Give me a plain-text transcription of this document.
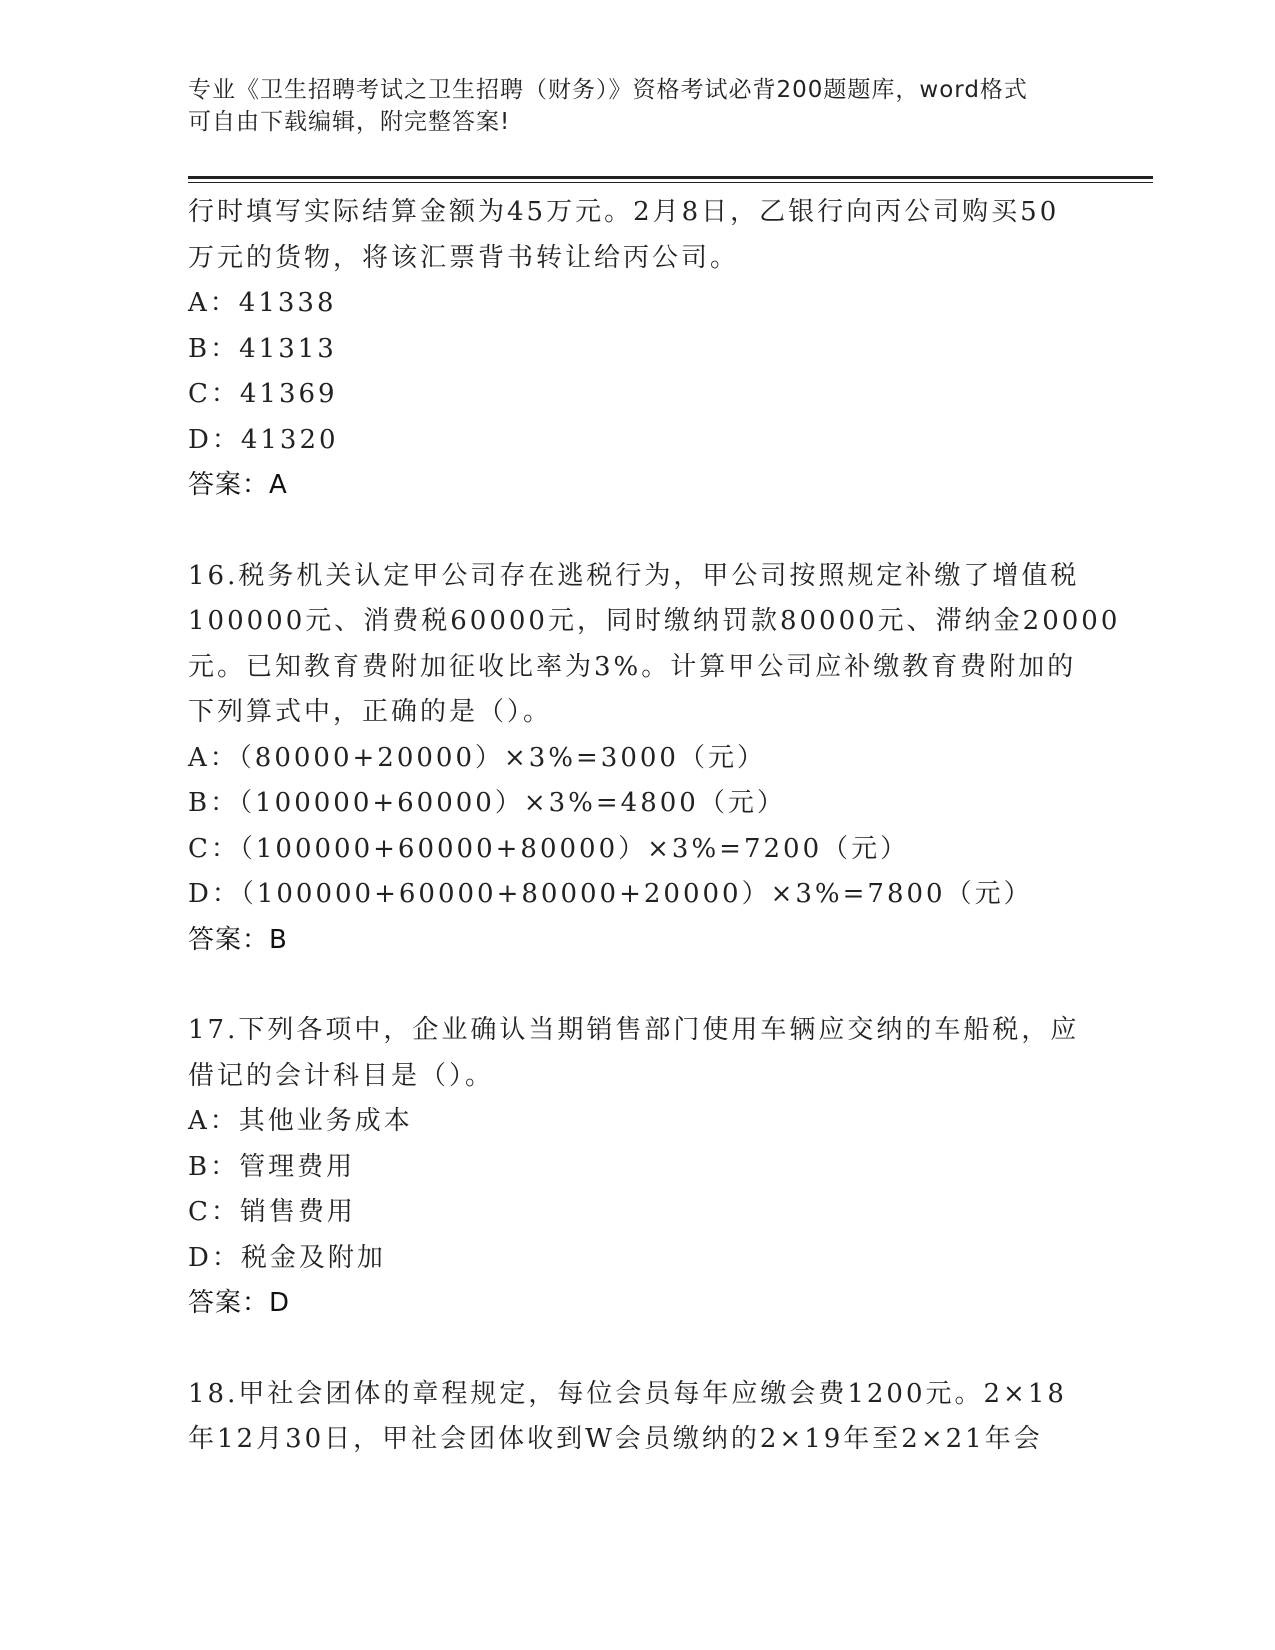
专业《卫生招聘考试之卫生招聘（财务）》资格考试必背200题题库，word格式
可自由下载编辑，附完整答案!
行时填写实际结算金额为45万元。2月8日，乙银行向丙公司购买50
万元的货物，将该汇票背书转让给丙公司。
A：41338
B：41313
C：41369
D：41320
答案：A
16.税务机关认定甲公司存在逃税行为，甲公司按照规定补缴了增值税
100000元、消费税60000元，同时缴纳罚款80000元、滞纳金20000
元。已知教育费附加征收比率为3%。计算甲公司应补缴教育费附加的
下列算式中，正确的是（）。
A：（80000+20000）×3%=3000（元）
B：（100000+60000）×3%=4800（元）
C：（100000+60000+80000）×3%=7200（元）
D：（100000+60000+80000+20000）×3%=7800（元）
答案：B
17.下列各项中，企业确认当期销售部门使用车辆应交纳的车船税，应
借记的会计科目是（）。
A：其他业务成本
B：管理费用
C：销售费用
D：税金及附加
答案：D
18.甲社会团体的章程规定，每位会员每年应缴会费1200元。2×18
年12月30日，甲社会团体收到W会员缴纳的2×19年至2×21年会
